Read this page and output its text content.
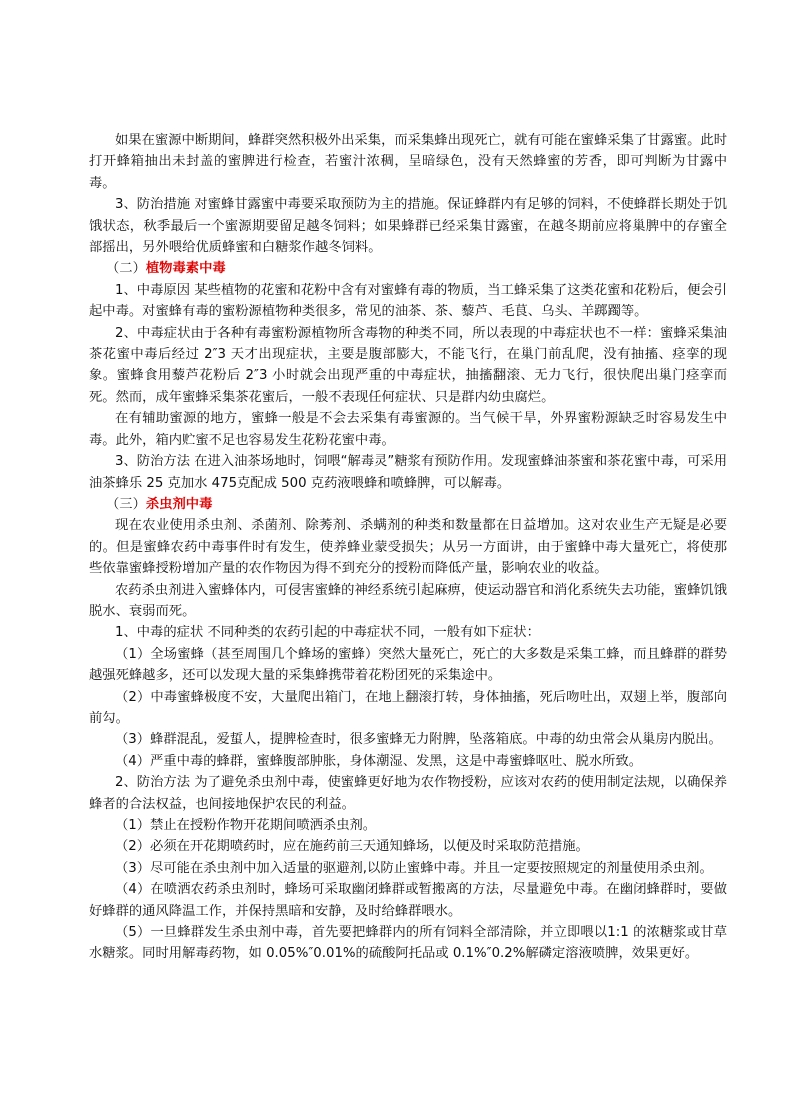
如果在蜜源中断期间，蜂群突然积极外出采集，而采集蜂出现死亡，就有可能在蜜蜂采集了甘露蜜。此时打开蜂箱抽出未封盖的蜜脾进行检查，若蜜汁浓稠，呈暗绿色，没有天然蜂蜜的芳香，即可判断为甘露中毒。

3、防治措施 对蜜蜂甘露蜜中毒要采取预防为主的措施。保证蜂群内有足够的饲料，不使蜂群长期处于饥饿状态，秋季最后一个蜜源期要留足越冬饲料；如果蜂群已经采集甘露蜜，在越冬期前应将巢脾中的存蜜全部摇出，另外喂给优质蜂蜜和白糖浆作越冬饲料。

（二）植物毒素中毒

1、中毒原因 某些植物的花蜜和花粉中含有对蜜蜂有毒的物质，当工蜂采集了这类花蜜和花粉后，便会引起中毒。对蜜蜂有毒的蜜粉源植物种类很多，常见的油茶、茶、藜芦、毛茛、乌头、羊踯躅等。

2、中毒症状由于各种有毒蜜粉源植物所含毒物的种类不同，所以表现的中毒症状也不一样：蜜蜂采集油茶花蜜中毒后经过 2″3 天才出现症状，主要是腹部膨大，不能飞行，在巢门前乱爬，没有抽搐、痉挛的现象。蜜蜂食用藜芦花粉后 2″3 小时就会出现严重的中毒症状，抽搐翻滚、无力飞行，很快爬出巢门痉挛而死。然而，成年蜜蜂采集茶花蜜后，一般不表现任何症状、只是群内幼虫腐烂。

在有辅助蜜源的地方，蜜蜂一般是不会去采集有毒蜜源的。当气候干旱，外界蜜粉源缺乏时容易发生中毒。此外，箱内贮蜜不足也容易发生花粉花蜜中毒。

3、防治方法 在进入油茶场地时，饲喂“解毒灵”糖浆有预防作用。发现蜜蜂油茶蜜和茶花蜜中毒，可采用油茶蜂乐 25 克加水 475克配成 500 克药液喂蜂和喷蜂脾，可以解毒。

（三）杀虫剂中毒

现在农业使用杀虫剂、杀菌剂、除莠剂、杀螨剂的种类和数量都在日益增加。这对农业生产无疑是必要的。但是蜜蜂农药中毒事件时有发生，使养蜂业蒙受损失；从另一方面讲，由于蜜蜂中毒大量死亡，将使那些依靠蜜蜂授粉增加产量的农作物因为得不到充分的授粉而降低产量，影响农业的收益。

农药杀虫剂进入蜜蜂体内，可侵害蜜蜂的神经系统引起麻痹，使运动器官和消化系统失去功能，蜜蜂饥饿脱水、衰弱而死。

1、中毒的症状 不同种类的农药引起的中毒症状不同，一般有如下症状：

（1）全场蜜蜂（甚至周围几个蜂场的蜜蜂）突然大量死亡，死亡的大多数是采集工蜂，而且蜂群的群势越强死蜂越多，还可以发现大量的采集蜂携带着花粉团死的采集途中。

（2）中毒蜜蜂极度不安，大量爬出箱门，在地上翻滚打转，身体抽搐，死后吻吐出，双翅上举，腹部向前勾。

（3）蜂群混乱，爱蜇人，提脾检查时，很多蜜蜂无力附脾，坠落箱底。中毒的幼虫常会从巢房内脱出。

（4）严重中毒的蜂群，蜜蜂腹部肿胀，身体潮湿、发黑，这是中毒蜜蜂呕吐、脱水所致。

2、防治方法 为了避免杀虫剂中毒，使蜜蜂更好地为农作物授粉，应该对农药的使用制定法规，以确保养蜂者的合法权益，也间接地保护农民的利益。

（1）禁止在授粉作物开花期间喷洒杀虫剂。

（2）必须在开花期喷药时，应在施药前三天通知蜂场，以便及时采取防范措施。

（3）尽可能在杀虫剂中加入适量的驱避剂,以防止蜜蜂中毒。并且一定要按照规定的剂量使用杀虫剂。

（4）在喷洒农药杀虫剂时，蜂场可采取幽闭蜂群或暂搬离的方法，尽量避免中毒。在幽闭蜂群时，要做好蜂群的通风降温工作，并保持黑暗和安静，及时给蜂群喂水。

（5）一旦蜂群发生杀虫剂中毒，首先要把蜂群内的所有饲料全部清除，并立即喂以1:1 的浓糖浆或甘草水糖浆。同时用解毒药物，如 0.05%″0.01%的硫酸阿托品或 0.1%″0.2%解磷定溶液喷脾，效果更好。
